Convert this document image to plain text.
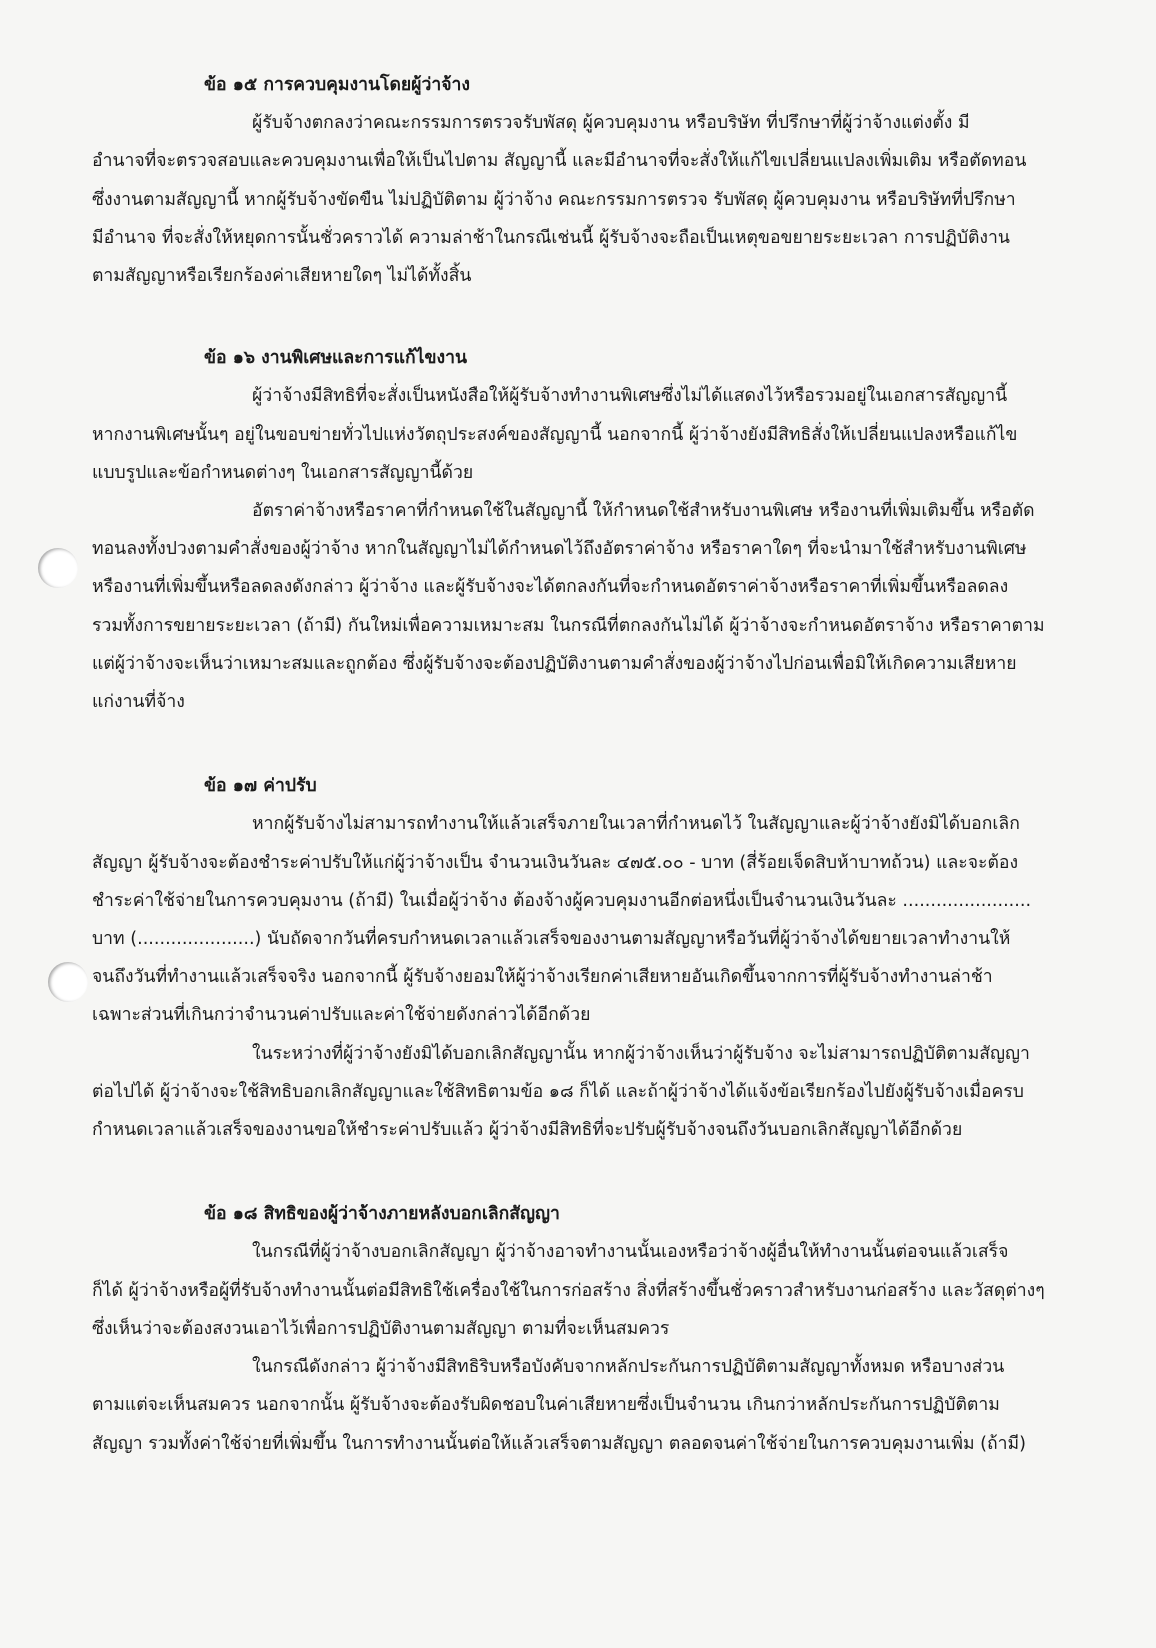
ข้อ ๑๕ การควบคุมงานโดยผู้ว่าจ้าง
ผู้รับจ้างตกลงว่าคณะกรรมการตรวจรับพัสดุ ผู้ควบคุมงาน หรือบริษัท ที่ปรึกษาที่ผู้ว่าจ้างแต่งตั้ง มี
อำนาจที่จะตรวจสอบและควบคุมงานเพื่อให้เป็นไปตาม สัญญานี้ และมีอำนาจที่จะสั่งให้แก้ไขเปลี่ยนแปลงเพิ่มเติม หรือตัดทอน
ซึ่งงานตามสัญญานี้ หากผู้รับจ้างขัดขืน ไม่ปฏิบัติตาม ผู้ว่าจ้าง คณะกรรมการตรวจ รับพัสดุ ผู้ควบคุมงาน หรือบริษัทที่ปรึกษา
มีอำนาจ ที่จะสั่งให้หยุดการนั้นชั่วคราวได้ ความล่าช้าในกรณีเช่นนี้ ผู้รับจ้างจะถือเป็นเหตุขอขยายระยะเวลา การปฏิบัติงาน
ตามสัญญาหรือเรียกร้องค่าเสียหายใดๆ ไม่ได้ทั้งสิ้น
ข้อ ๑๖ งานพิเศษและการแก้ไขงาน
ผู้ว่าจ้างมีสิทธิที่จะสั่งเป็นหนังสือให้ผู้รับจ้างทำงานพิเศษซึ่งไม่ได้แสดงไว้หรือรวมอยู่ในเอกสารสัญญานี้
หากงานพิเศษนั้นๆ อยู่ในขอบข่ายทั่วไปแห่งวัตถุประสงค์ของสัญญานี้ นอกจากนี้ ผู้ว่าจ้างยังมีสิทธิสั่งให้เปลี่ยนแปลงหรือแก้ไข
แบบรูปและข้อกำหนดต่างๆ ในเอกสารสัญญานี้ด้วย
อัตราค่าจ้างหรือราคาที่กำหนดใช้ในสัญญานี้ ให้กำหนดใช้สำหรับงานพิเศษ หรืองานที่เพิ่มเติมขึ้น หรือตัด
ทอนลงทั้งปวงตามคำสั่งของผู้ว่าจ้าง หากในสัญญาไม่ได้กำหนดไว้ถึงอัตราค่าจ้าง หรือราคาใดๆ ที่จะนำมาใช้สำหรับงานพิเศษ
หรืองานที่เพิ่มขึ้นหรือลดลงดังกล่าว ผู้ว่าจ้าง และผู้รับจ้างจะได้ตกลงกันที่จะกำหนดอัตราค่าจ้างหรือราคาที่เพิ่มขึ้นหรือลดลง
รวมทั้งการขยายระยะเวลา (ถ้ามี) กันใหม่เพื่อความเหมาะสม ในกรณีที่ตกลงกันไม่ได้ ผู้ว่าจ้างจะกำหนดอัตราจ้าง หรือราคาตาม
แต่ผู้ว่าจ้างจะเห็นว่าเหมาะสมและถูกต้อง ซึ่งผู้รับจ้างจะต้องปฏิบัติงานตามคำสั่งของผู้ว่าจ้างไปก่อนเพื่อมิให้เกิดความเสียหาย
แก่งานที่จ้าง
ข้อ ๑๗ ค่าปรับ
หากผู้รับจ้างไม่สามารถทำงานให้แล้วเสร็จภายในเวลาที่กำหนดไว้ ในสัญญาและผู้ว่าจ้างยังมิได้บอกเลิก
สัญญา ผู้รับจ้างจะต้องชำระค่าปรับให้แก่ผู้ว่าจ้างเป็น จำนวนเงินวันละ ๔๗๕.๐๐ - บาท (สี่ร้อยเจ็ดสิบห้าบาทถ้วน) และจะต้อง
ชำระค่าใช้จ่ายในการควบคุมงาน (ถ้ามี) ในเมื่อผู้ว่าจ้าง ต้องจ้างผู้ควบคุมงานอีกต่อหนึ่งเป็นจำนวนเงินวันละ .......................
บาท (.....................) นับถัดจากวันที่ครบกำหนดเวลาแล้วเสร็จของงานตามสัญญาหรือวันที่ผู้ว่าจ้างได้ขยายเวลาทำงานให้
จนถึงวันที่ทำงานแล้วเสร็จจริง นอกจากนี้ ผู้รับจ้างยอมให้ผู้ว่าจ้างเรียกค่าเสียหายอันเกิดขึ้นจากการที่ผู้รับจ้างทำงานล่าช้า
เฉพาะส่วนที่เกินกว่าจำนวนค่าปรับและค่าใช้จ่ายดังกล่าวได้อีกด้วย
ในระหว่างที่ผู้ว่าจ้างยังมิได้บอกเลิกสัญญานั้น หากผู้ว่าจ้างเห็นว่าผู้รับจ้าง จะไม่สามารถปฏิบัติตามสัญญา
ต่อไปได้ ผู้ว่าจ้างจะใช้สิทธิบอกเลิกสัญญาและใช้สิทธิตามข้อ ๑๘ ก็ได้ และถ้าผู้ว่าจ้างได้แจ้งข้อเรียกร้องไปยังผู้รับจ้างเมื่อครบ
กำหนดเวลาแล้วเสร็จของงานขอให้ชำระค่าปรับแล้ว ผู้ว่าจ้างมีสิทธิที่จะปรับผู้รับจ้างจนถึงวันบอกเลิกสัญญาได้อีกด้วย
ข้อ ๑๘ สิทธิของผู้ว่าจ้างภายหลังบอกเลิกสัญญา
ในกรณีที่ผู้ว่าจ้างบอกเลิกสัญญา ผู้ว่าจ้างอาจทำงานนั้นเองหรือว่าจ้างผู้อื่นให้ทำงานนั้นต่อจนแล้วเสร็จ
ก็ได้ ผู้ว่าจ้างหรือผู้ที่รับจ้างทำงานนั้นต่อมีสิทธิใช้เครื่องใช้ในการก่อสร้าง สิ่งที่สร้างขึ้นชั่วคราวสำหรับงานก่อสร้าง และวัสดุต่างๆ
ซึ่งเห็นว่าจะต้องสงวนเอาไว้เพื่อการปฏิบัติงานตามสัญญา ตามที่จะเห็นสมควร
ในกรณีดังกล่าว ผู้ว่าจ้างมีสิทธิริบหรือบังคับจากหลักประกันการปฏิบัติตามสัญญาทั้งหมด หรือบางส่วน
ตามแต่จะเห็นสมควร นอกจากนั้น ผู้รับจ้างจะต้องรับผิดชอบในค่าเสียหายซึ่งเป็นจำนวน เกินกว่าหลักประกันการปฏิบัติตาม
สัญญา รวมทั้งค่าใช้จ่ายที่เพิ่มขึ้น ในการทำงานนั้นต่อให้แล้วเสร็จตามสัญญา ตลอดจนค่าใช้จ่ายในการควบคุมงานเพิ่ม (ถ้ามี)
